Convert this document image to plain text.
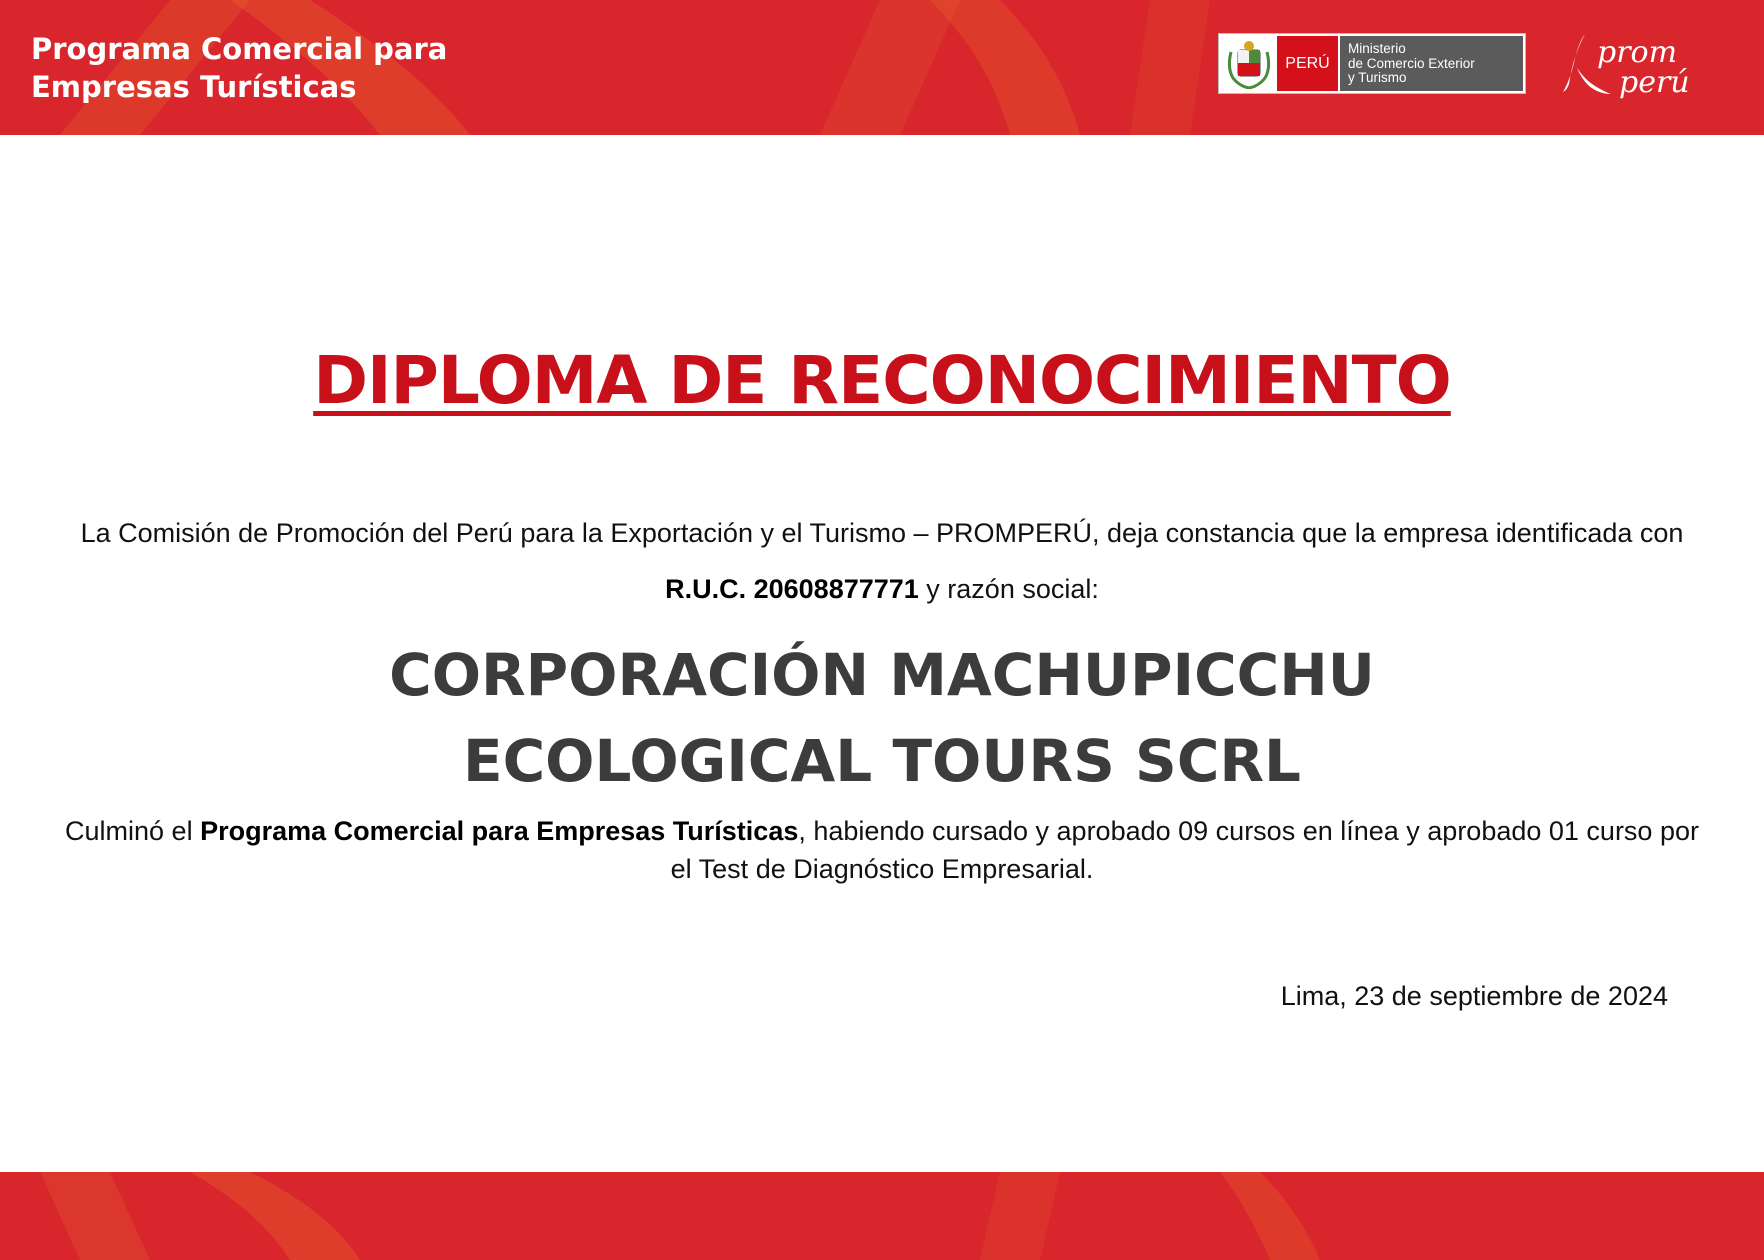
Programa Comercial para
Empresas Turísticas
PERÚ
Ministerio
de Comercio Exterior
y Turismo
prom
perú
DIPLOMA DE RECONOCIMIENTO
La Comisión de Promoción del Perú para la Exportación y el Turismo – PROMPERÚ, deja constancia que la empresa identificada con R.U.C. 20608877771 y razón social:
CORPORACIÓN MACHUPICCHU
ECOLOGICAL TOURS SCRL
Culminó el Programa Comercial para Empresas Turísticas, habiendo cursado y aprobado 09 cursos en línea y aprobado 01 curso por el Test de Diagnóstico Empresarial.
Lima, 23 de septiembre de 2024
